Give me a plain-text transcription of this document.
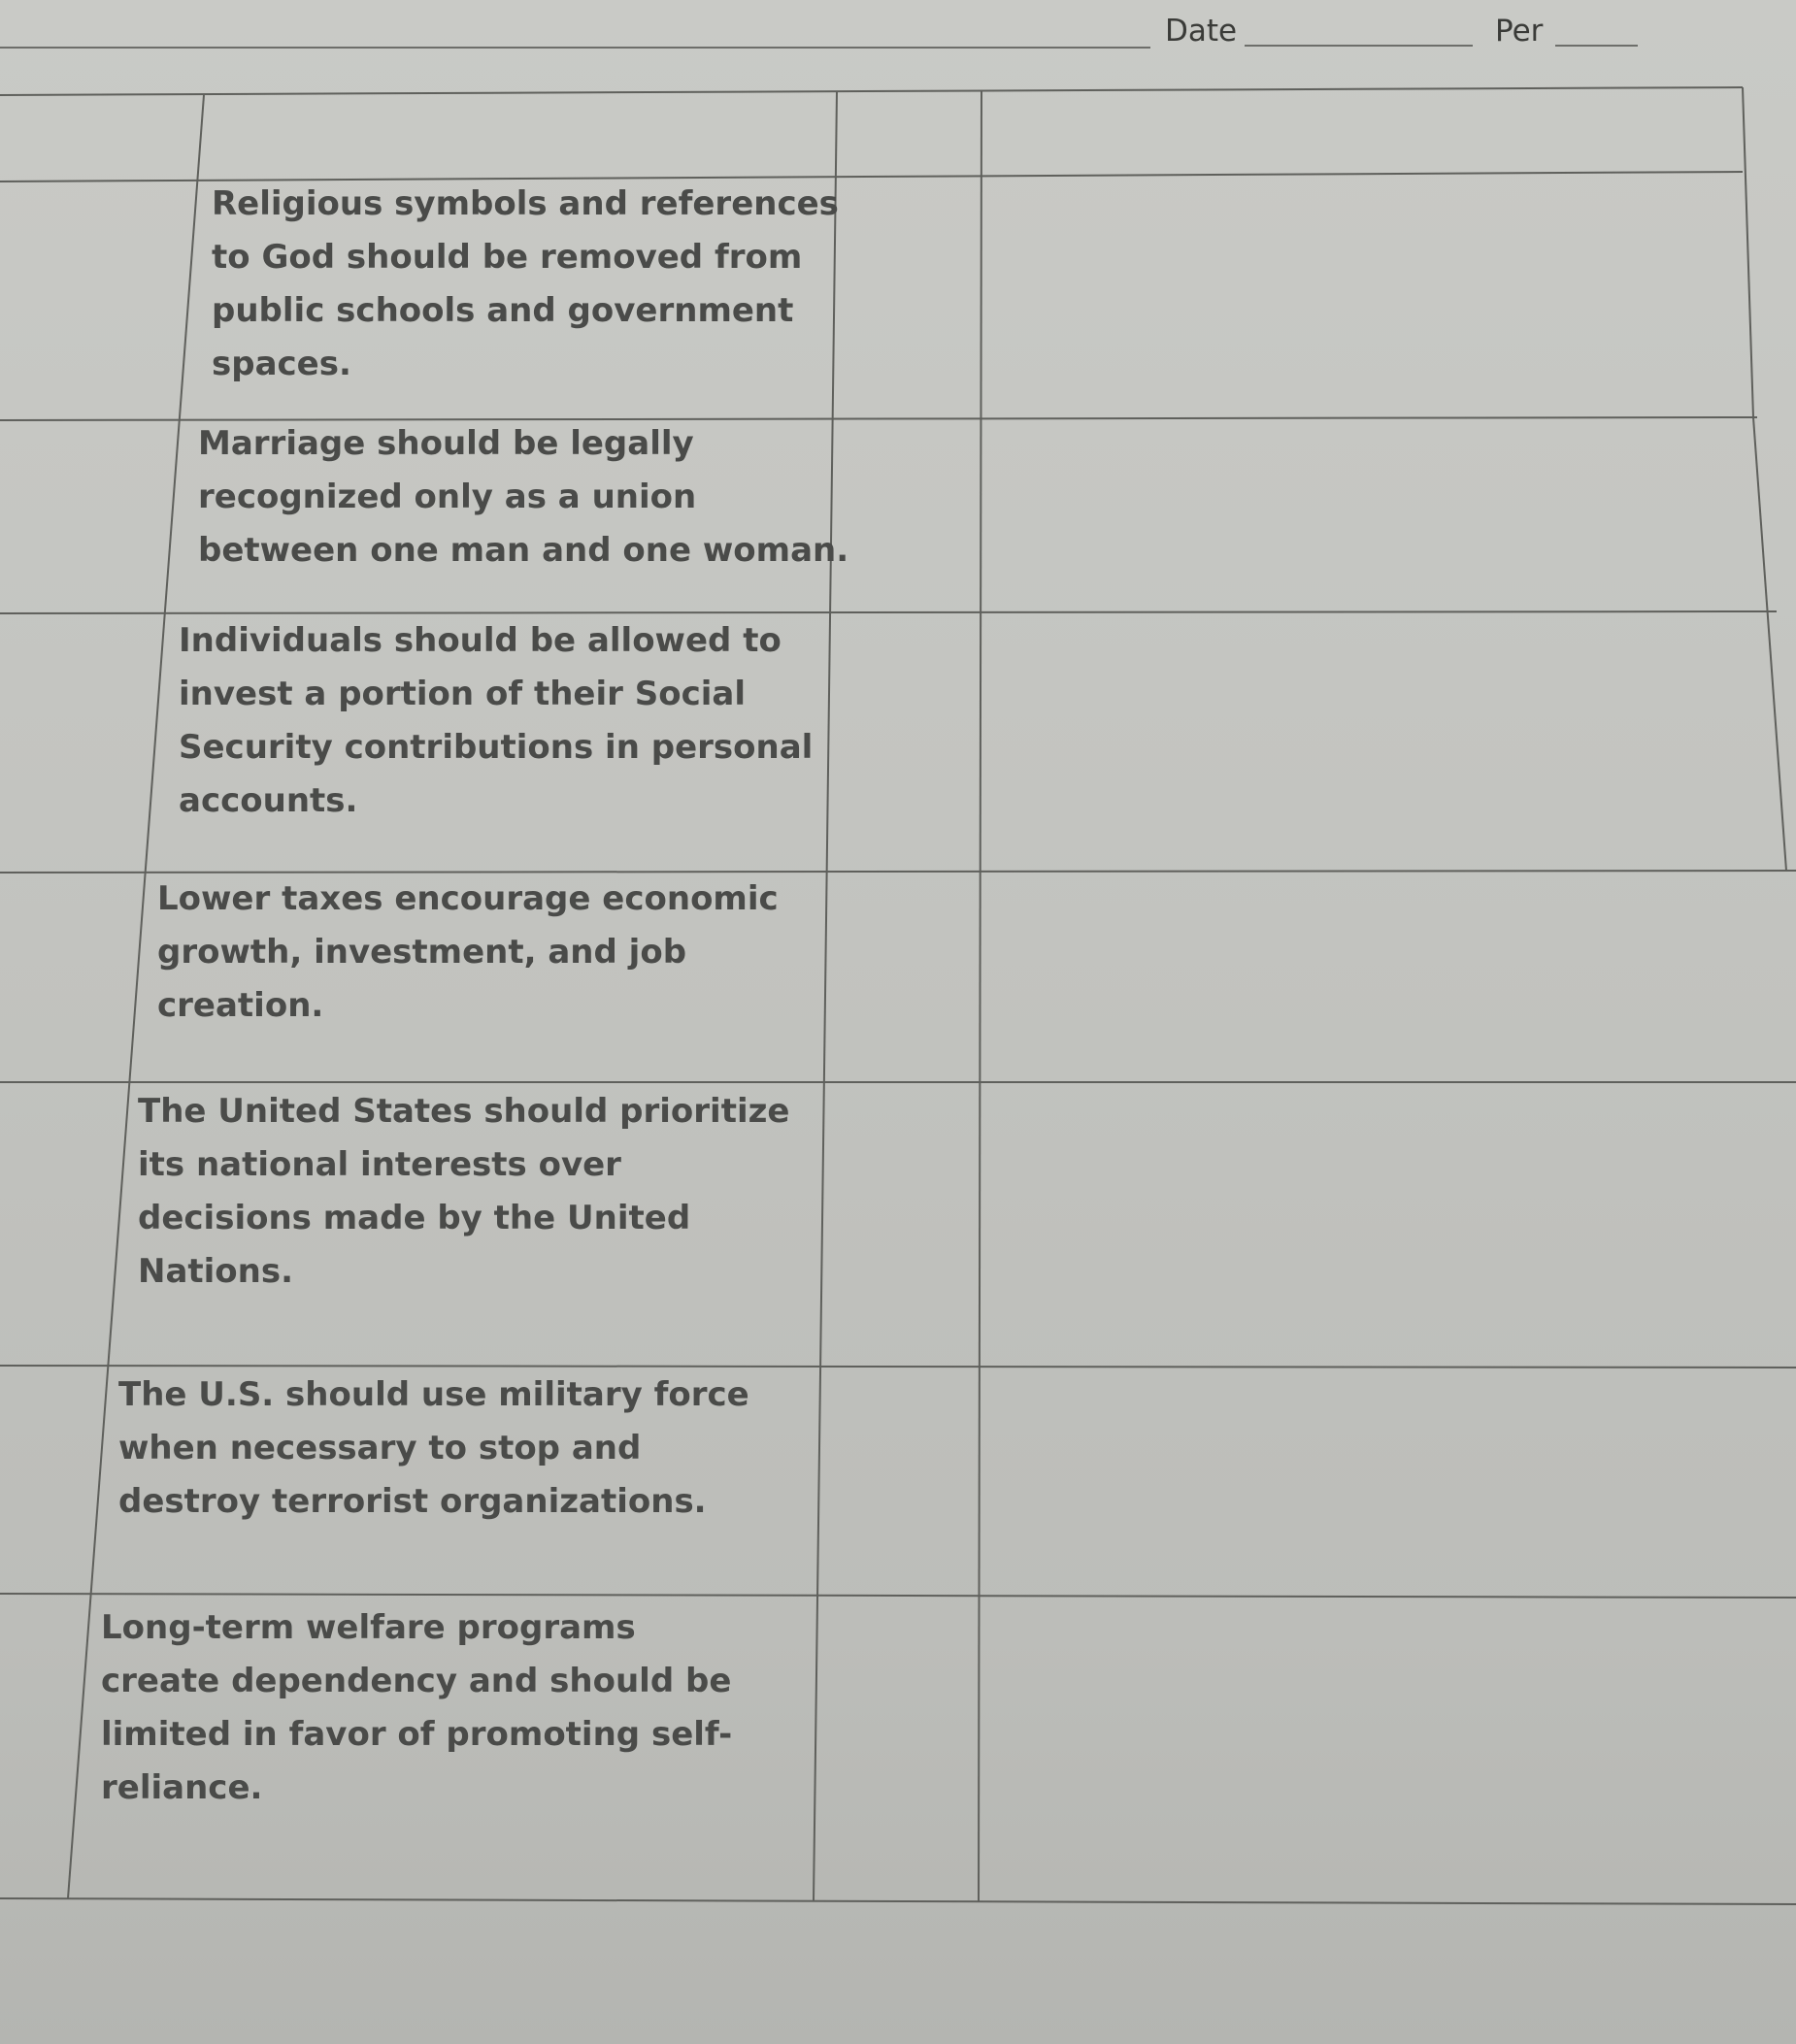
Date	Per

Religious symbols and references
to God should be removed from
public schools and government
spaces.

Marriage should be legally
recognized only as a union
between one man and one woman.

Individuals should be allowed to
invest a portion of their Social
Security contributions in personal
accounts.

Lower taxes encourage economic
growth, investment, and job
creation.

The United States should prioritize
its national interests over
decisions made by the United
Nations.

The U.S. should use military force
when necessary to stop and
destroy terrorist organizations.

Long-term welfare programs
create dependency and should be
limited in favor of promoting self-
reliance.
